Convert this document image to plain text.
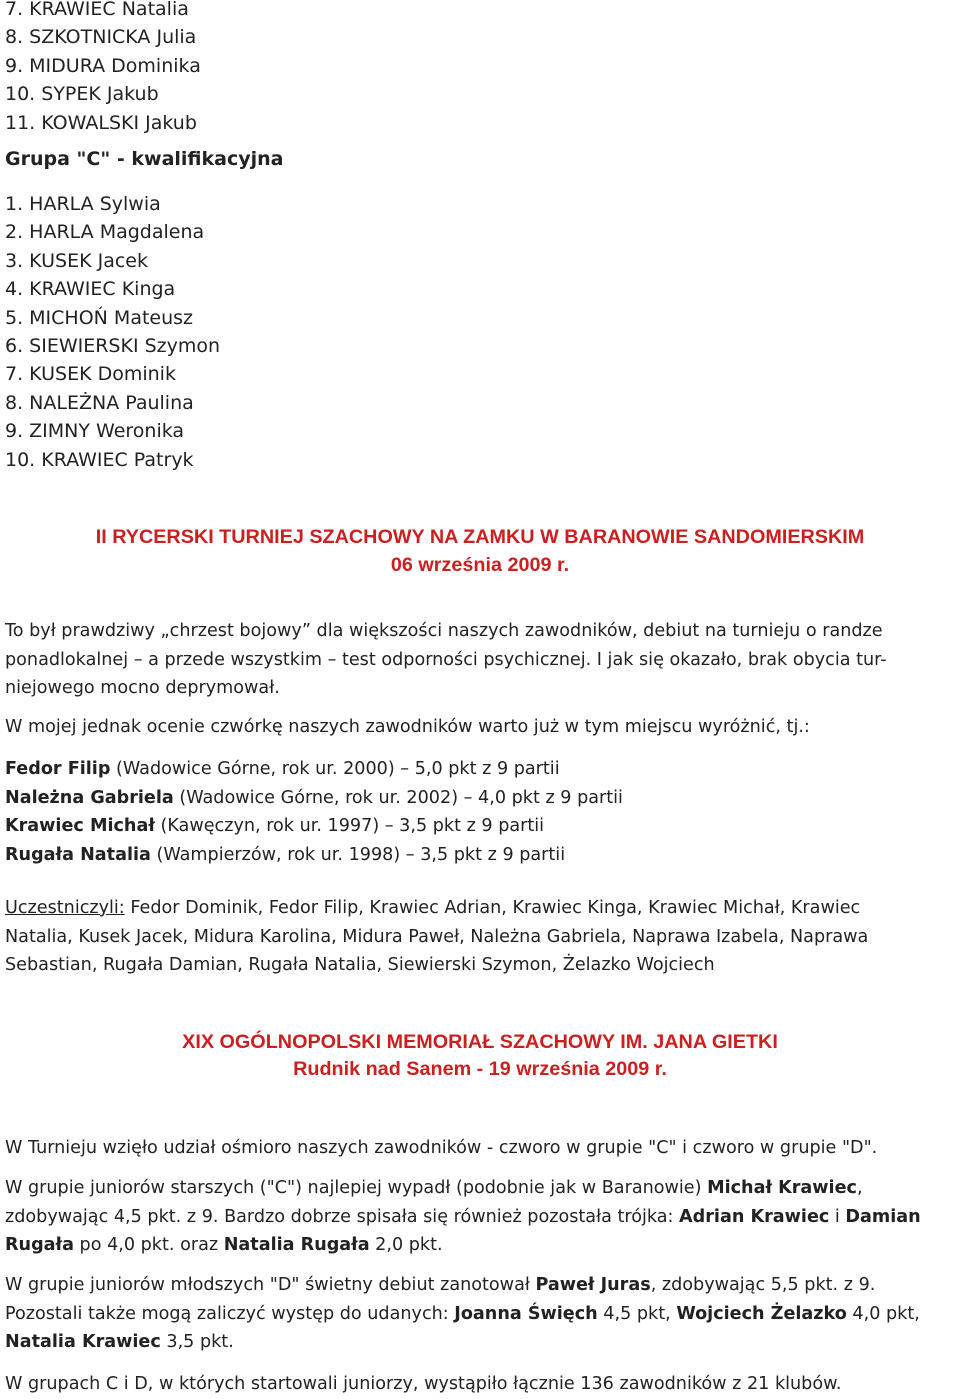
7. KRAWIEC Natalia
8. SZKOTNICKA Julia
9. MIDURA Dominika
10. SYPEK Jakub
11. KOWALSKI Jakub
Grupa "C" - kwalifikacyjna
1. HARLA Sylwia
2. HARLA Magdalena
3. KUSEK Jacek
4. KRAWIEC Kinga
5. MICHOŃ Mateusz
6. SIEWIERSKI Szymon
7. KUSEK Dominik
8. NALEŻNA Paulina
9. ZIMNY Weronika
10. KRAWIEC Patryk
II RYCERSKI TURNIEJ SZACHOWY NA ZAMKU W BARANOWIE SANDOMIERSKIM
06 września 2009 r.
To był prawdziwy „chrzest bojowy” dla większości naszych zawodników, debiut na turnieju o randze
ponadlokalnej – a przede wszystkim – test odporności psychicznej. I jak się okazało, brak obycia tur-
niejowego mocno deprymował.
W mojej jednak ocenie czwórkę naszych zawodników warto już w tym miejscu wyróżnić, tj.:
Fedor Filip (Wadowice Górne, rok ur. 2000) – 5,0 pkt z 9 partii
Należna Gabriela (Wadowice Górne, rok ur. 2002) – 4,0 pkt z 9 partii
Krawiec Michał (Kawęczyn, rok ur. 1997) – 3,5 pkt z 9 partii
Rugała Natalia (Wampierzów, rok ur. 1998) – 3,5 pkt z 9 partii
Uczestniczyli: Fedor Dominik, Fedor Filip, Krawiec Adrian, Krawiec Kinga, Krawiec Michał, Krawiec
Natalia, Kusek Jacek, Midura Karolina, Midura Paweł, Należna Gabriela, Naprawa Izabela, Naprawa
Sebastian, Rugała Damian, Rugała Natalia, Siewierski Szymon, Żelazko Wojciech
XIX OGÓLNOPOLSKI MEMORIAŁ SZACHOWY IM. JANA GIETKI
Rudnik nad Sanem - 19 września 2009 r.
W Turnieju wzięło udział ośmioro naszych zawodników - czworo w grupie "C" i czworo w grupie "D".
W grupie juniorów starszych ("C") najlepiej wypadł (podobnie jak w Baranowie) Michał Krawiec,
zdobywając 4,5 pkt. z 9. Bardzo dobrze spisała się również pozostała trójka: Adrian Krawiec i Damian
Rugała po 4,0 pkt. oraz Natalia Rugała 2,0 pkt.
W grupie juniorów młodszych "D" świetny debiut zanotował Paweł Juras, zdobywając 5,5 pkt. z 9.
Pozostali także mogą zaliczyć występ do udanych: Joanna Święch 4,5 pkt, Wojciech Żelazko 4,0 pkt,
Natalia Krawiec 3,5 pkt.
W grupach C i D, w których startowali juniorzy, wystąpiło łącznie 136 zawodników z 21 klubów.
